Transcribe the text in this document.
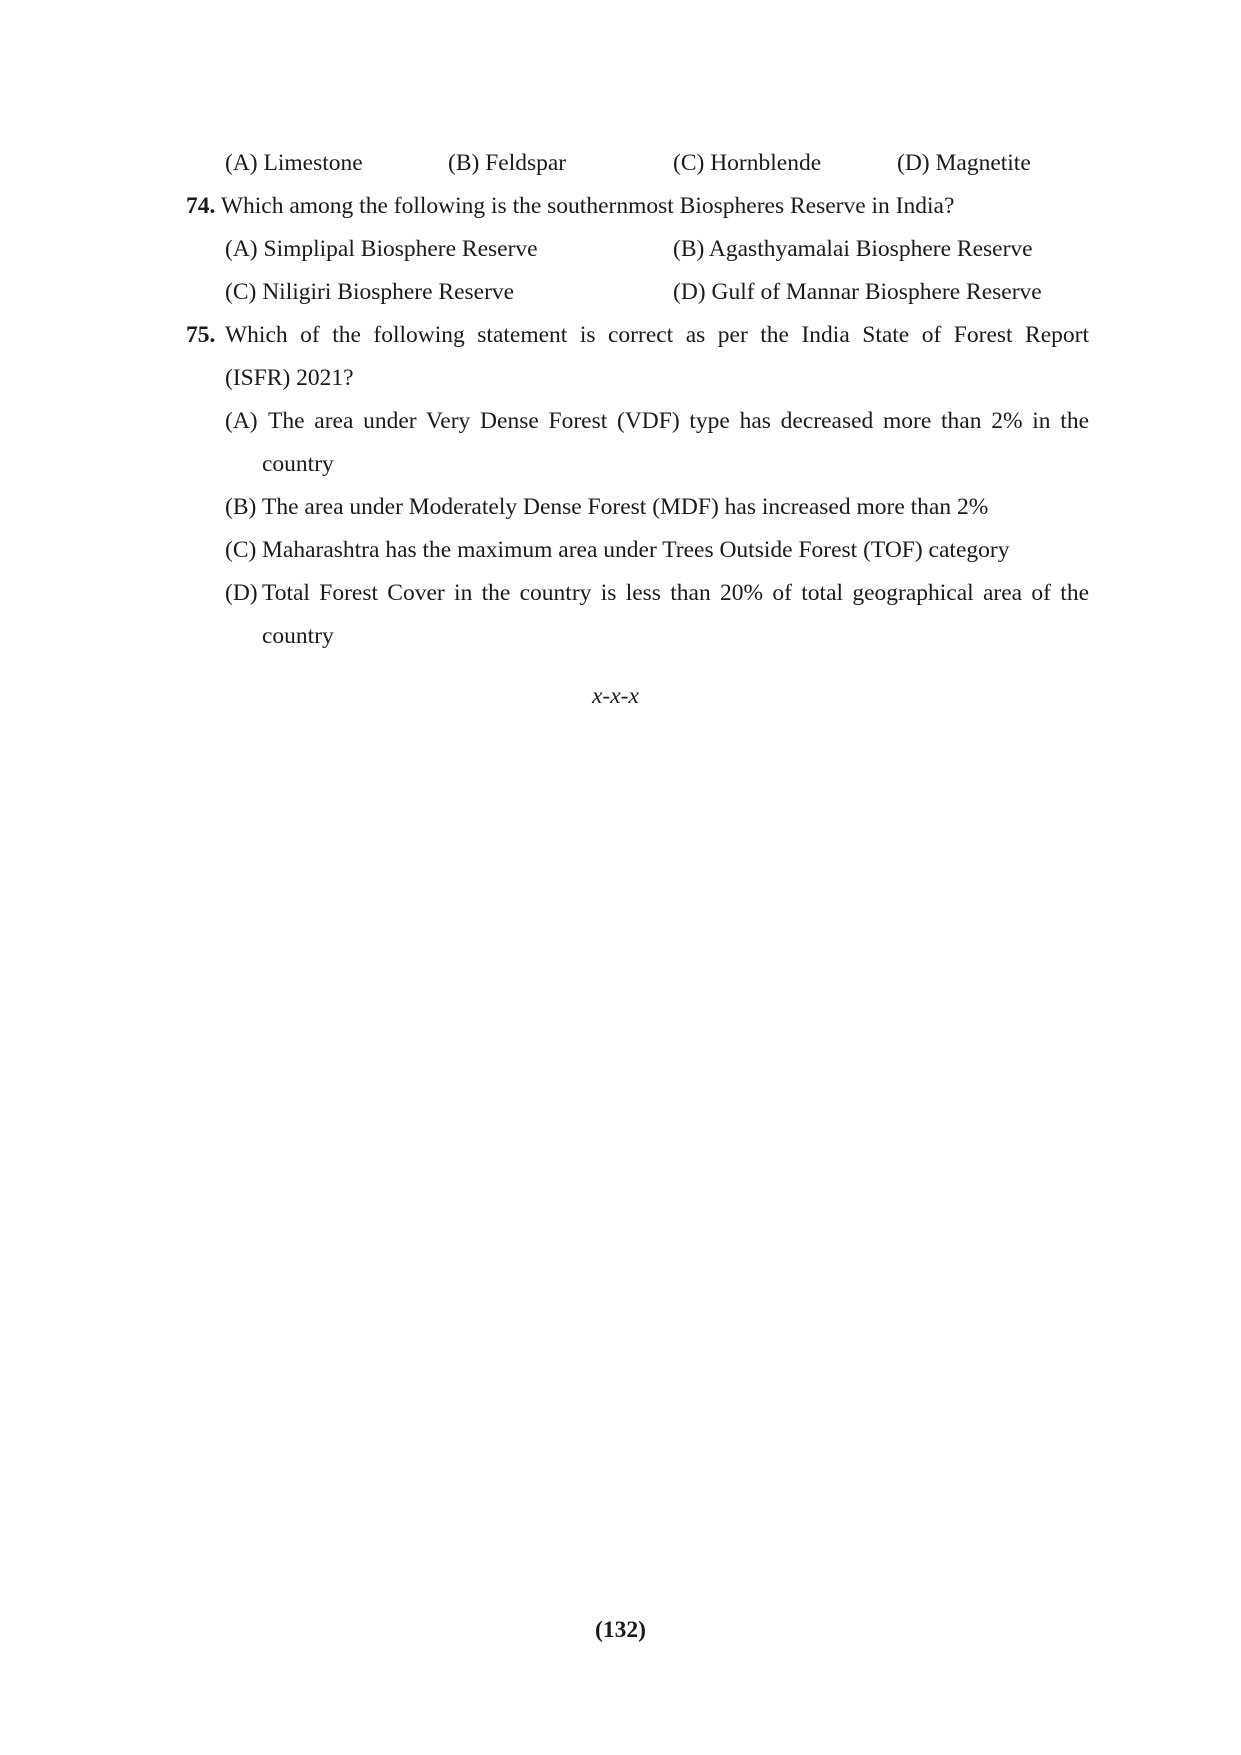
(A) Limestone	(B) Feldspar	(C) Hornblende	(D) Magnetite
74. Which among the following is the southernmost Biospheres Reserve in India?
(A) Simplipal Biosphere Reserve	(B) Agasthyamalai Biosphere Reserve
(C) Niligiri Biosphere Reserve	(D) Gulf of Mannar Biosphere Reserve
75. Which of the following statement is correct as per the India State of Forest Report
(ISFR) 2021?
(A) The area under Very Dense Forest (VDF) type has decreased more than 2% in the
country
(B) The area under Moderately Dense Forest (MDF) has increased more than 2%
(C) Maharashtra has the maximum area under Trees Outside Forest (TOF) category
(D) Total Forest Cover in the country is less than 20% of total geographical area of the
country
x-x-x
(132)
